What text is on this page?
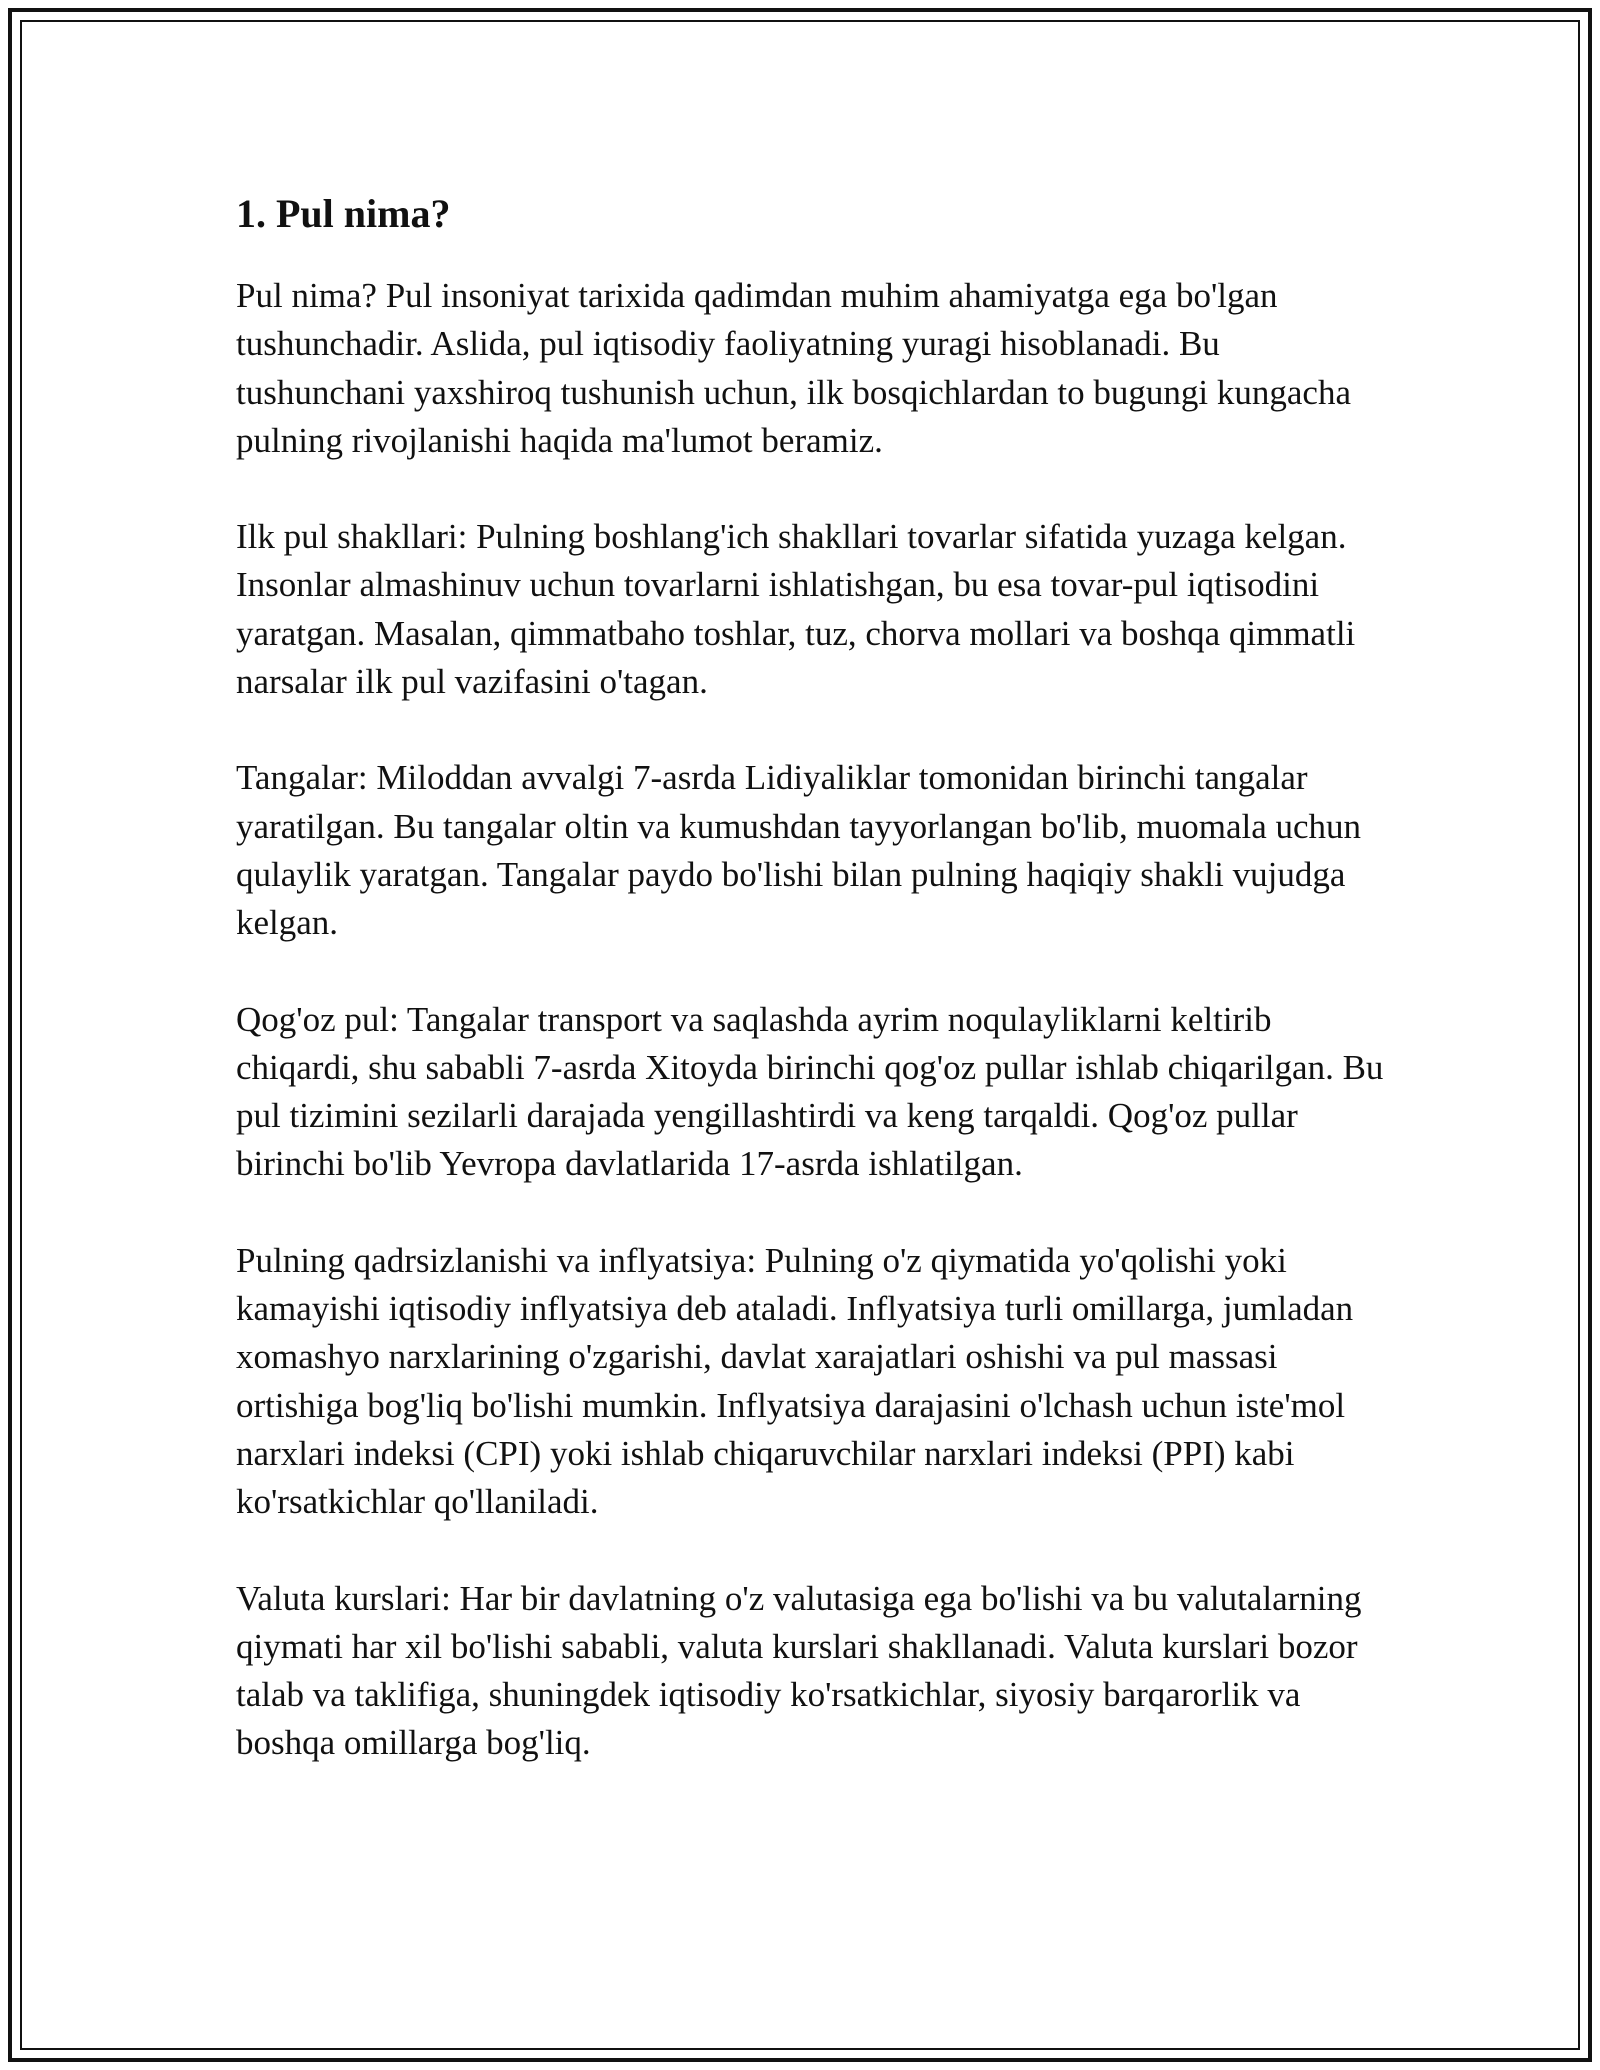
1. Pul nima?

Pul nima? Pul insoniyat tarixida qadimdan muhim ahamiyatga ega bo'lgan tushunchadir. Aslida, pul iqtisodiy faoliyatning yuragi hisoblanadi. Bu tushunchani yaxshiroq tushunish uchun, ilk bosqichlardan to bugungi kungacha pulning rivojlanishi haqida ma'lumot beramiz.

Ilk pul shakllari: Pulning boshlang'ich shakllari tovarlar sifatida yuzaga kelgan. Insonlar almashinuv uchun tovarlarni ishlatishgan, bu esa tovar-pul iqtisodini yaratgan. Masalan, qimmatbaho toshlar, tuz, chorva mollari va boshqa qimmatli narsalar ilk pul vazifasini o'tagan.

Tangalar: Miloddan avvalgi 7-asrda Lidiyaliklar tomonidan birinchi tangalar yaratilgan. Bu tangalar oltin va kumushdan tayyorlangan bo'lib, muomala uchun qulaylik yaratgan. Tangalar paydo bo'lishi bilan pulning haqiqiy shakli vujudga kelgan.

Qog'oz pul: Tangalar transport va saqlashda ayrim noqulayliklarni keltirib chiqardi, shu sababli 7-asrda Xitoyda birinchi qog'oz pullar ishlab chiqarilgan. Bu pul tizimini sezilarli darajada yengillashtirdi va keng tarqaldi. Qog'oz pullar birinchi bo'lib Yevropa davlatlarida 17-asrda ishlatilgan.

Pulning qadrsizlanishi va inflyatsiya: Pulning o'z qiymatida yo'qolishi yoki kamayishi iqtisodiy inflyatsiya deb ataladi. Inflyatsiya turli omillarga, jumladan xomashyo narxlarining o'zgarishi, davlat xarajatlari oshishi va pul massasi ortishiga bog'liq bo'lishi mumkin. Inflyatsiya darajasini o'lchash uchun iste'mol narxlari indeksi (CPI) yoki ishlab chiqaruvchilar narxlari indeksi (PPI) kabi ko'rsatkichlar qo'llaniladi.

Valuta kurslari: Har bir davlatning o'z valutasiga ega bo'lishi va bu valutalarning qiymati har xil bo'lishi sababli, valuta kurslari shakllanadi. Valuta kurslari bozor talab va taklifiga, shuningdek iqtisodiy ko'rsatkichlar, siyosiy barqarorlik va boshqa omillarga bog'liq.
